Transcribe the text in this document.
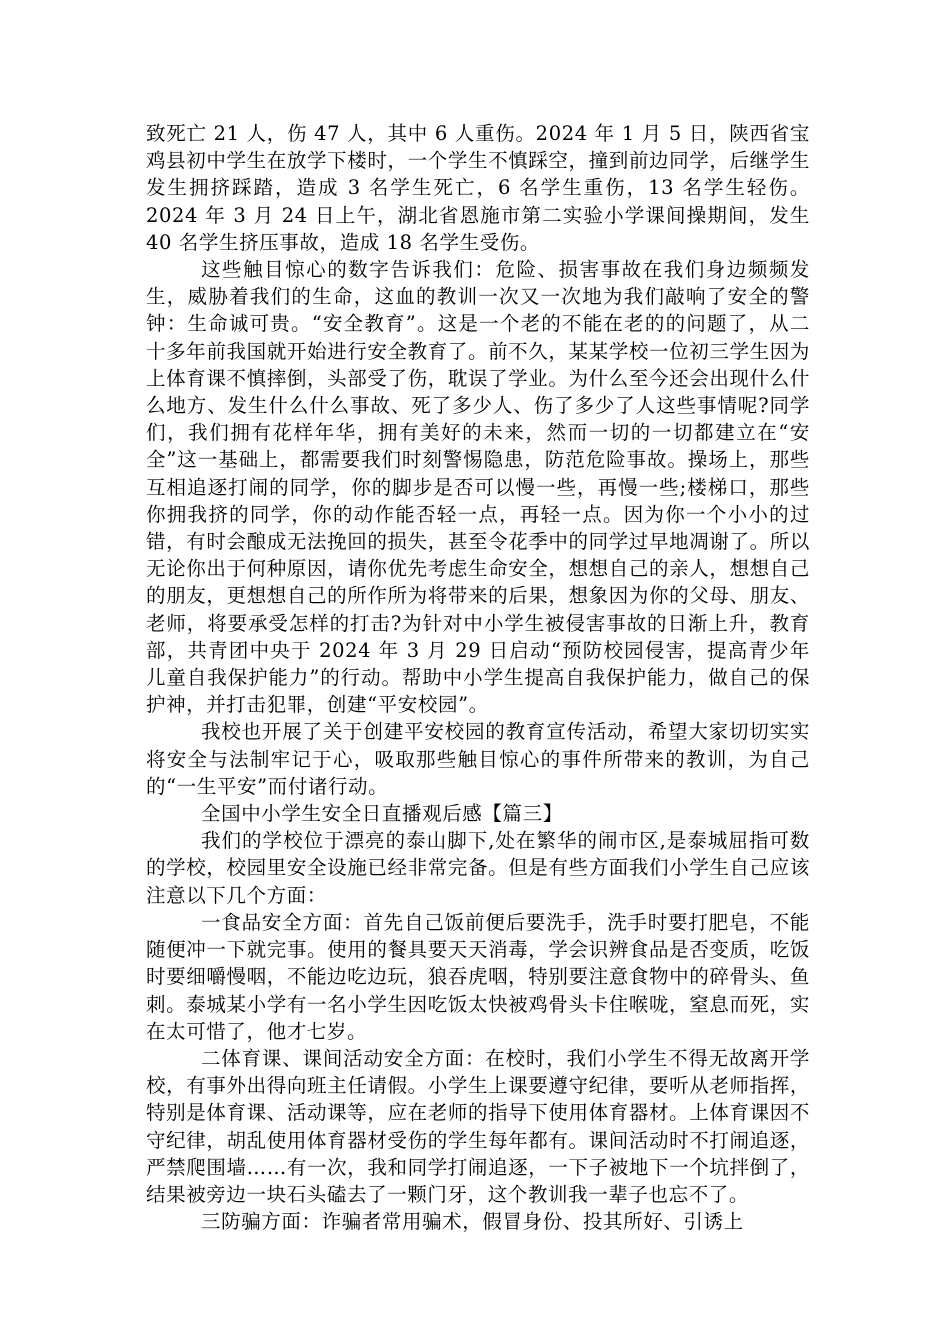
致死亡 21 人，伤 47 人，其中 6 人重伤。2024 年 1 月 5 日，陕西省宝鸡县初中学生在放学下楼时，一个学生不慎踩空，撞到前边同学，后继学生发生拥挤踩踏，造成 3 名学生死亡，6 名学生重伤，13 名学生轻伤。2024 年 3 月 24 日上午，湖北省恩施市第二实验小学课间操期间，发生 40 名学生挤压事故，造成 18 名学生受伤。

这些触目惊心的数字告诉我们：危险、损害事故在我们身边频频发生，威胁着我们的生命，这血的教训一次又一次地为我们敲响了安全的警钟：生命诚可贵。“安全教育”。这是一个老的不能在老的的问题了，从二十多年前我国就开始进行安全教育了。前不久，某某学校一位初三学生因为上体育课不慎摔倒，头部受了伤，耽误了学业。为什么至今还会出现什么什么地方、发生什么什么事故、死了多少人、伤了多少了人这些事情呢?同学们，我们拥有花样年华，拥有美好的未来，然而一切的一切都建立在“安全”这一基础上，都需要我们时刻警惕隐患，防范危险事故。操场上，那些互相追逐打闹的同学，你的脚步是否可以慢一些，再慢一些;楼梯口，那些你拥我挤的同学，你的动作能否轻一点，再轻一点。因为你一个小小的过错，有时会酿成无法挽回的损失，甚至令花季中的同学过早地凋谢了。所以无论你出于何种原因，请你优先考虑生命安全，想想自己的亲人，想想自己的朋友，更想想自己的所作所为将带来的后果，想象因为你的父母、朋友、老师，将要承受怎样的打击?为针对中小学生被侵害事故的日渐上升，教育部，共青团中央于 2024 年 3 月 29 日启动“预防校园侵害，提高青少年儿童自我保护能力”的行动。帮助中小学生提高自我保护能力，做自己的保护神，并打击犯罪，创建“平安校园”。

我校也开展了关于创建平安校园的教育宣传活动，希望大家切切实实将安全与法制牢记于心，吸取那些触目惊心的事件所带来的教训，为自己的“一生平安”而付诸行动。

全国中小学生安全日直播观后感【篇三】

我们的学校位于漂亮的泰山脚下,处在繁华的闹市区,是泰城屈指可数的学校，校园里安全设施已经非常完备。但是有些方面我们小学生自己应该注意以下几个方面：

一食品安全方面：首先自己饭前便后要洗手，洗手时要打肥皂，不能随便冲一下就完事。使用的餐具要天天消毒，学会识辨食品是否变质，吃饭时要细嚼慢咽，不能边吃边玩，狼吞虎咽，特别要注意食物中的碎骨头、鱼刺。泰城某小学有一名小学生因吃饭太快被鸡骨头卡住喉咙，窒息而死，实在太可惜了，他才七岁。

二体育课、课间活动安全方面：在校时，我们小学生不得无故离开学校，有事外出得向班主任请假。小学生上课要遵守纪律，要听从老师指挥，特别是体育课、活动课等，应在老师的指导下使用体育器材。上体育课因不守纪律，胡乱使用体育器材受伤的学生每年都有。课间活动时不打闹追逐，严禁爬围墙……有一次，我和同学打闹追逐，一下子被地下一个坑拌倒了，结果被旁边一块石头磕去了一颗门牙，这个教训我一辈子也忘不了。

三防骗方面：诈骗者常用骗术，假冒身份、投其所好、引诱上
